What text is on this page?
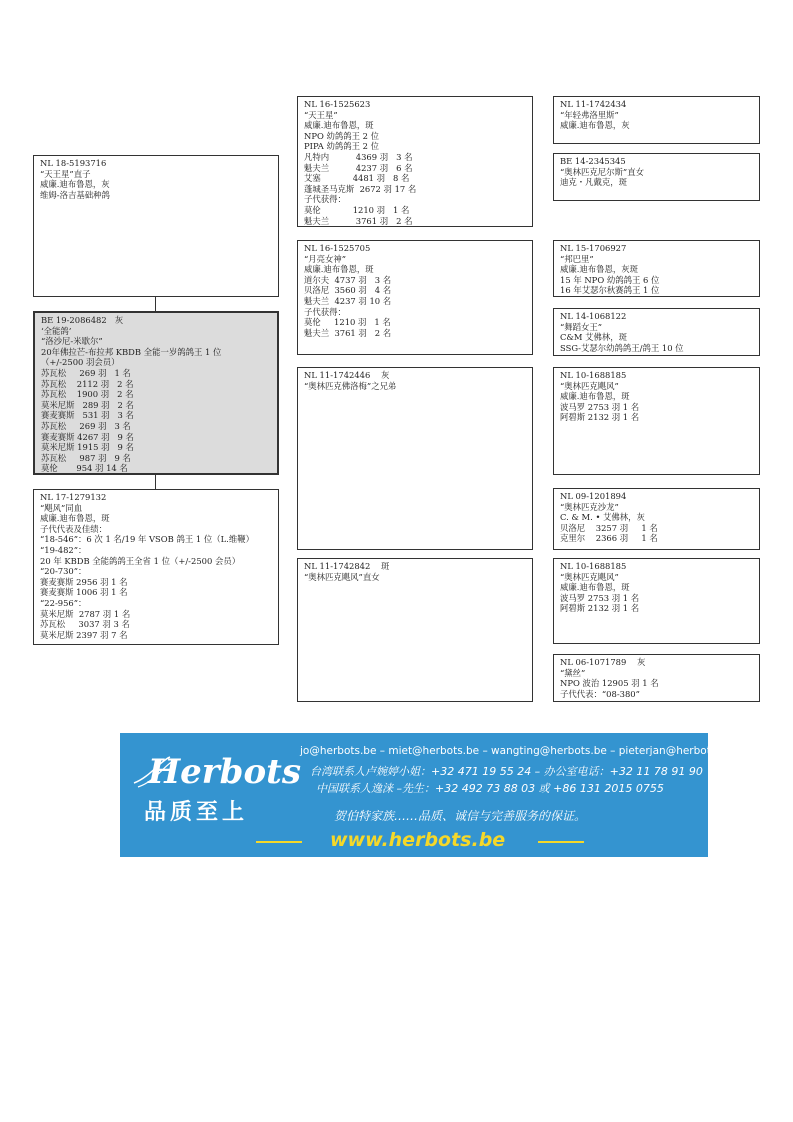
NL 18-5193716
“天王星”直子
威廉.迪布鲁恩，灰
维姆-洛吉基础种鸽
BE 19-2086482   灰
‘全能鸽’
“洛沙尼-米歇尔”
20年佛拉芒-布拉邦 KBDB 全能一岁鸽鸽王 1 位
（+/-2500 羽会员）
苏瓦松     269 羽   1 名
苏瓦松    2112 羽   2 名
苏瓦松    1900 羽   2 名
莫米尼斯   289 羽   2 名
赛麦赛斯   531 羽   3 名
苏瓦松     269 羽   3 名
赛麦赛斯 4267 羽   9 名
莫米尼斯 1915 羽   9 名
苏瓦松     987 羽   9 名
莫伦       954 羽 14 名
NL 17-1279132
“飓风”同血
威廉.迪布鲁恩，斑
子代代表及佳绩：
“18-546”：6 次 1 名/19 年 VSOB 鸽王 1 位（L.维鞭）
“19-482”：
20 年 KBDB 全能鸽鸽王全省 1 位（+/-2500 会员）
“20-730”：
赛麦赛斯 2956 羽 1 名
赛麦赛斯 1006 羽 1 名
“22-956”：
莫米尼斯  2787 羽 1 名
苏瓦松     3037 羽 3 名
莫米尼斯 2397 羽 7 名
NL 16-1525623
“天王星”
威廉.迪布鲁恩，斑
NPO 幼鸽鸽王 2 位
PIPA 幼鸽鸽王 2 位
凡特内          4369 羽   3 名
魁夫兰          4237 羽   6 名
艾塞            4481 羽   8 名
蓬城圣马克斯  2672 羽 17 名
子代获得：
莫伦            1210 羽   1 名
魁夫兰          3761 羽   2 名
NL 16-1525705
“月亮女神”
威廉.迪布鲁恩，斑
道尔夫  4737 羽   3 名
贝洛尼  3560 羽   4 名
魁夫兰  4237 羽 10 名
子代获得：
莫伦     1210 羽   1 名
魁夫兰  3761 羽   2 名
NL 11-1742446    灰
“奥林匹克佛洛梅”之兄弟
NL 11-1742842    斑
“奥林匹克飓风”直女
NL 11-1742434
“年轻弗洛里斯”
威廉.迪布鲁恩，灰
BE 14-2345345
“奥林匹克尼尔斯”直女
迪克・凡戴克，斑
NL 15-1706927
“邦巴里”
威廉.迪布鲁恩，灰斑
15 年 NPO 幼鸽鸽王 6 位
16 年艾瑟尔秋赛鸽王 1 位
NL 14-1068122
“舞蹈女王”
C&M 艾佛林，斑
SSG-艾瑟尔幼鸽鸽王/鸽王 10 位
NL 10-1688185
“奥林匹克飓风”
威廉.迪布鲁恩，斑
波马罗 2753 羽 1 名
阿碧斯 2132 羽 1 名
NL 09-1201894
“奥林匹克沙龙”
C. & M. • 艾佛林，灰
贝洛尼    3257 羽     1 名
克里尔    2366 羽     1 名
NL 10-1688185
“奥林匹克飓风”
威廉.迪布鲁恩，斑
波马罗 2753 羽 1 名
阿碧斯 2132 羽 1 名
NL 06-1071789    灰
“黛丝”
NPO 波治 12905 羽 1 名
子代代表：“08-380”
Herbots
品质至上
jo@herbots.be – miet@herbots.be – wangting@herbots.be – pieterjan@herbots.be
台湾联系人卢婉婷小姐：+32 471 19 55 24 – 办公室电话：+32 11 78 91 90
中国联系人逸涞 –先生：+32 492 73 88 03 或 +86 131 2015 0755
贺伯特家族……品质、诚信与完善服务的保证。
www.herbots.be
